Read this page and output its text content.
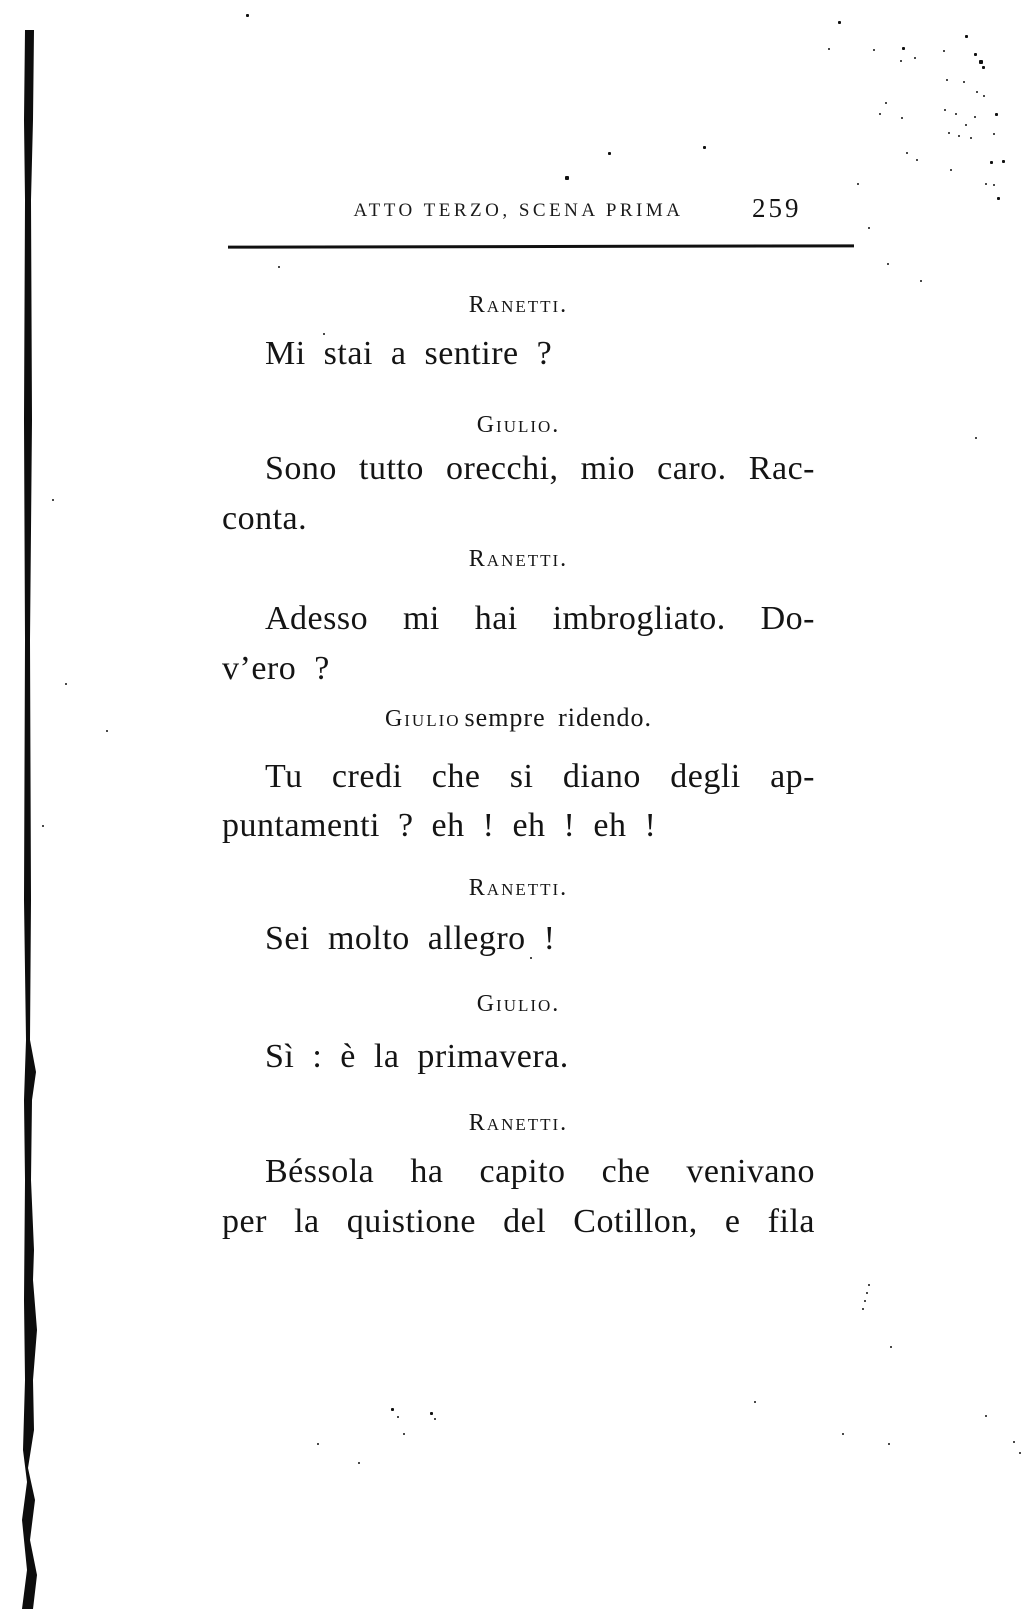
ATTO TERZO, SCENA PRIMA	259
Ranetti.
Mi stai a sentire ?
Giulio.
Sono tutto orecchi, mio caro. Rac-
conta.
Ranetti.
Adesso mi hai imbrogliato. Do-
v’ero ?
Giulio sempre ridendo.
Tu credi che si diano degli ap-
puntamenti ? eh ! eh ! eh !
Ranetti.
Sei molto allegro !
Giulio.
Sì : è la primavera.
Ranetti.
Béssola ha capito che venivano
per la quistione del Cotillon, e fila
